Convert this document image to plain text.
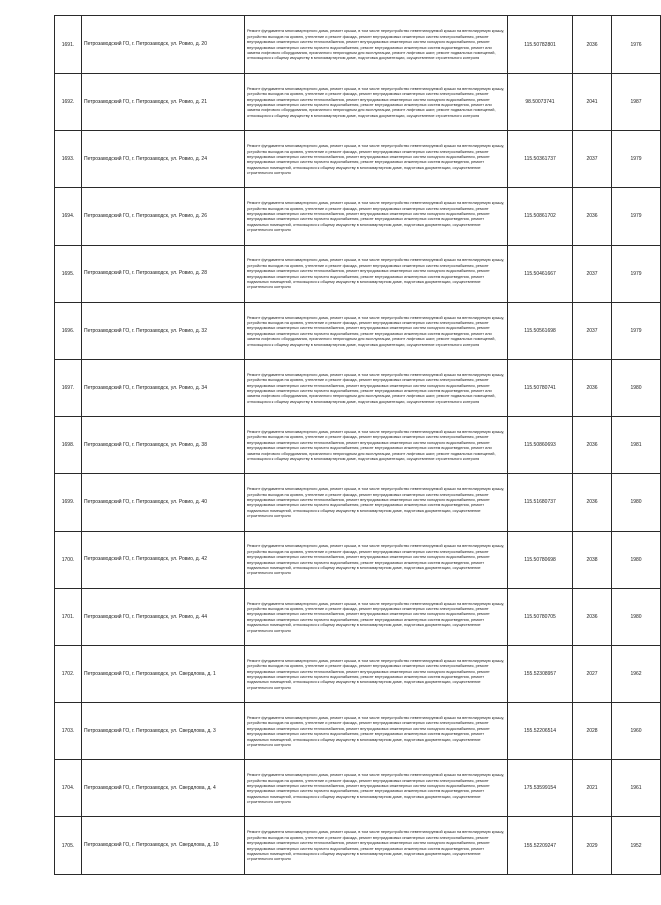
1691.	Петрозаводский ГО, г. Петрозаводск, ул. Ровио, д. 20	Ремонт фундамента многоквартирного дома, ремонт крыши, в том числе переустройство невентилируемой крыши на вентилируемую крышу, устройство выходов на кровлю, утепление и ремонт фасада, ремонт внутридомовых инженерных систем электроснабжения, ремонт внутридомовых инженерных систем теплоснабжения, ремонт внутридомовых инженерных систем холодного водоснабжения, ремонт внутридомовых инженерных систем горячего водоснабжения, ремонт внутридомовых инженерных систем водоотведения, ремонт или замена лифтового оборудования, признанного непригодным для эксплуатации, ремонт лифтовых шахт, ремонт подвальных помещений, относящихся к общему имуществу в многоквартирном доме, подготовка документации, осуществление строительного контроля	115.50782801	2036	1976
1692.	Петрозаводский ГО, г. Петрозаводск, ул. Ровио, д. 21	Ремонт фундамента многоквартирного дома, ремонт крыши, в том числе переустройство невентилируемой крыши на вентилируемую крышу, устройство выходов на кровлю, утепление и ремонт фасада, ремонт внутридомовых инженерных систем электроснабжения, ремонт внутридомовых инженерных систем теплоснабжения, ремонт внутридомовых инженерных систем холодного водоснабжения, ремонт внутридомовых инженерных систем горячего водоснабжения, ремонт внутридомовых инженерных систем водоотведения, ремонт или замена лифтового оборудования, признанного непригодным для эксплуатации, ремонт лифтовых шахт, ремонт подвальных помещений, относящихся к общему имуществу в многоквартирном доме, подготовка документации, осуществление строительного контроля	98.50073741	2041	1987
1693.	Петрозаводский ГО, г. Петрозаводск, ул. Ровио, д. 24	Ремонт фундамента многоквартирного дома, ремонт крыши, в том числе переустройство невентилируемой крыши на вентилируемую крышу, устройство выходов на кровлю, утепление и ремонт фасада, ремонт внутридомовых инженерных систем электроснабжения, ремонт внутридомовых инженерных систем теплоснабжения, ремонт внутридомовых инженерных систем холодного водоснабжения, ремонт внутридомовых инженерных систем горячего водоснабжения, ремонт внутридомовых инженерных систем водоотведения, ремонт подвальных помещений, относящихся к общему имуществу в многоквартирном доме, подготовка документации, осуществление строительного контроля	115.50361737	2037	1979
1694.	Петрозаводский ГО, г. Петрозаводск, ул. Ровио, д. 26	Ремонт фундамента многоквартирного дома, ремонт крыши, в том числе переустройство невентилируемой крыши на вентилируемую крышу, устройство выходов на кровлю, утепление и ремонт фасада, ремонт внутридомовых инженерных систем электроснабжения, ремонт внутридомовых инженерных систем теплоснабжения, ремонт внутридомовых инженерных систем холодного водоснабжения, ремонт внутридомовых инженерных систем горячего водоснабжения, ремонт внутридомовых инженерных систем водоотведения, ремонт подвальных помещений, относящихся к общему имуществу в многоквартирном доме, подготовка документации, осуществление строительного контроля	115.50861702	2036	1979
1695.	Петрозаводский ГО, г. Петрозаводск, ул. Ровио, д. 28	Ремонт фундамента многоквартирного дома, ремонт крыши, в том числе переустройство невентилируемой крыши на вентилируемую крышу, устройство выходов на кровлю, утепление и ремонт фасада, ремонт внутридомовых инженерных систем электроснабжения, ремонт внутридомовых инженерных систем теплоснабжения, ремонт внутридомовых инженерных систем холодного водоснабжения, ремонт внутридомовых инженерных систем горячего водоснабжения, ремонт внутридомовых инженерных систем водоотведения, ремонт подвальных помещений, относящихся к общему имуществу в многоквартирном доме, подготовка документации, осуществление строительного контроля	115.50461667	2037	1979
1696.	Петрозаводский ГО, г. Петрозаводск, ул. Ровио, д. 32	Ремонт фундамента многоквартирного дома, ремонт крыши, в том числе переустройство невентилируемой крыши на вентилируемую крышу, устройство выходов на кровлю, утепление и ремонт фасада, ремонт внутридомовых инженерных систем электроснабжения, ремонт внутридомовых инженерных систем теплоснабжения, ремонт внутридомовых инженерных систем холодного водоснабжения, ремонт внутридомовых инженерных систем горячего водоснабжения, ремонт внутридомовых инженерных систем водоотведения, ремонт или замена лифтового оборудования, признанного непригодным для эксплуатации, ремонт лифтовых шахт, ремонт подвальных помещений, относящихся к общему имуществу в многоквартирном доме, подготовка документации, осуществление строительного контроля	115.50561698	2037	1979
1697.	Петрозаводский ГО, г. Петрозаводск, ул. Ровио, д. 34	Ремонт фундамента многоквартирного дома, ремонт крыши, в том числе переустройство невентилируемой крыши на вентилируемую крышу, устройство выходов на кровлю, утепление и ремонт фасада, ремонт внутридомовых инженерных систем электроснабжения, ремонт внутридомовых инженерных систем теплоснабжения, ремонт внутридомовых инженерных систем холодного водоснабжения, ремонт внутридомовых инженерных систем горячего водоснабжения, ремонт внутридомовых инженерных систем водоотведения, ремонт или замена лифтового оборудования, признанного непригодным для эксплуатации, ремонт лифтовых шахт, ремонт подвальных помещений, относящихся к общему имуществу в многоквартирном доме, подготовка документации, осуществление строительного контроля	115.50780741	2036	1980
1698.	Петрозаводский ГО, г. Петрозаводск, ул. Ровио, д. 38	Ремонт фундамента многоквартирного дома, ремонт крыши, в том числе переустройство невентилируемой крыши на вентилируемую крышу, устройство выходов на кровлю, утепление и ремонт фасада, ремонт внутридомовых инженерных систем электроснабжения, ремонт внутридомовых инженерных систем теплоснабжения, ремонт внутридомовых инженерных систем холодного водоснабжения, ремонт внутридомовых инженерных систем горячего водоснабжения, ремонт внутридомовых инженерных систем водоотведения, ремонт или замена лифтового оборудования, признанного непригодным для эксплуатации, ремонт лифтовых шахт, ремонт подвальных помещений, относящихся к общему имуществу в многоквартирном доме, подготовка документации, осуществление строительного контроля	115.50860693	2036	1981
1699.	Петрозаводский ГО, г. Петрозаводск, ул. Ровио, д. 40	Ремонт фундамента многоквартирного дома, ремонт крыши, в том числе переустройство невентилируемой крыши на вентилируемую крышу, устройство выходов на кровлю, утепление и ремонт фасада, ремонт внутридомовых инженерных систем электроснабжения, ремонт внутридомовых инженерных систем теплоснабжения, ремонт внутридомовых инженерных систем холодного водоснабжения, ремонт внутридомовых инженерных систем горячего водоснабжения, ремонт внутридомовых инженерных систем водоотведения, ремонт подвальных помещений, относящихся к общему имуществу в многоквартирном доме, подготовка документации, осуществление строительного контроля	115.51680737	2036	1980
1700.	Петрозаводский ГО, г. Петрозаводск, ул. Ровио, д. 42	Ремонт фундамента многоквартирного дома, ремонт крыши, в том числе переустройство невентилируемой крыши на вентилируемую крышу, устройство выходов на кровлю, утепление и ремонт фасада, ремонт внутридомовых инженерных систем электроснабжения, ремонт внутридомовых инженерных систем теплоснабжения, ремонт внутридомовых инженерных систем холодного водоснабжения, ремонт внутридомовых инженерных систем горячего водоснабжения, ремонт внутридомовых инженерных систем водоотведения, ремонт подвальных помещений, относящихся к общему имуществу в многоквартирном доме, подготовка документации, осуществление строительного контроля	115.50780698	2038	1980
1701.	Петрозаводский ГО, г. Петрозаводск, ул. Ровио, д. 44	Ремонт фундамента многоквартирного дома, ремонт крыши, в том числе переустройство невентилируемой крыши на вентилируемую крышу, устройство выходов на кровлю, утепление и ремонт фасада, ремонт внутридомовых инженерных систем электроснабжения, ремонт внутридомовых инженерных систем теплоснабжения, ремонт внутридомовых инженерных систем холодного водоснабжения, ремонт внутридомовых инженерных систем горячего водоснабжения, ремонт внутридомовых инженерных систем водоотведения, ремонт подвальных помещений, относящихся к общему имуществу в многоквартирном доме, подготовка документации, осуществление строительного контроля	115.50780705	2036	1980
1702.	Петрозаводский ГО, г. Петрозаводск, ул. Свердлова, д. 1	Ремонт фундамента многоквартирного дома, ремонт крыши, в том числе переустройство невентилируемой крыши на вентилируемую крышу, устройство выходов на кровлю, утепление и ремонт фасада, ремонт внутридомовых инженерных систем электроснабжения, ремонт внутридомовых инженерных систем теплоснабжения, ремонт внутридомовых инженерных систем холодного водоснабжения, ремонт внутридомовых инженерных систем горячего водоснабжения, ремонт внутридомовых инженерных систем водоотведения, ремонт подвальных помещений, относящихся к общему имуществу в многоквартирном доме, подготовка документации, осуществление строительного контроля	155.52308957	2027	1962
1703.	Петрозаводский ГО, г. Петрозаводск, ул. Свердлова, д. 3	Ремонт фундамента многоквартирного дома, ремонт крыши, в том числе переустройство невентилируемой крыши на вентилируемую крышу, устройство выходов на кровлю, утепление и ремонт фасада, ремонт внутридомовых инженерных систем электроснабжения, ремонт внутридомовых инженерных систем теплоснабжения, ремонт внутридомовых инженерных систем холодного водоснабжения, ремонт внутридомовых инженерных систем горячего водоснабжения, ремонт внутридомовых инженерных систем водоотведения, ремонт подвальных помещений, относящихся к общему имуществу в многоквартирном доме, подготовка документации, осуществление строительного контроля	155.52206514	2028	1960
1704.	Петрозаводский ГО, г. Петрозаводск, ул. Свердлова, д. 4	Ремонт фундамента многоквартирного дома, ремонт крыши, в том числе переустройство невентилируемой крыши на вентилируемую крышу, устройство выходов на кровлю, утепление и ремонт фасада, ремонт внутридомовых инженерных систем электроснабжения, ремонт внутридомовых инженерных систем теплоснабжения, ремонт внутридомовых инженерных систем холодного водоснабжения, ремонт внутридомовых инженерных систем горячего водоснабжения, ремонт внутридомовых инженерных систем водоотведения, ремонт подвальных помещений, относящихся к общему имуществу в многоквартирном доме, подготовка документации, осуществление строительного контроля	175.53599154	2021	1961
1705.	Петрозаводский ГО, г. Петрозаводск, ул. Свердлова, д. 10	Ремонт фундамента многоквартирного дома, ремонт крыши, в том числе переустройство невентилируемой крыши на вентилируемую крышу, устройство выходов на кровлю, утепление и ремонт фасада, ремонт внутридомовых инженерных систем электроснабжения, ремонт внутридомовых инженерных систем теплоснабжения, ремонт внутридомовых инженерных систем холодного водоснабжения, ремонт внутридомовых инженерных систем горячего водоснабжения, ремонт внутридомовых инженерных систем водоотведения, ремонт подвальных помещений, относящихся к общему имуществу в многоквартирном доме, подготовка документации, осуществление строительного контроля	155.52209247	2029	1952
